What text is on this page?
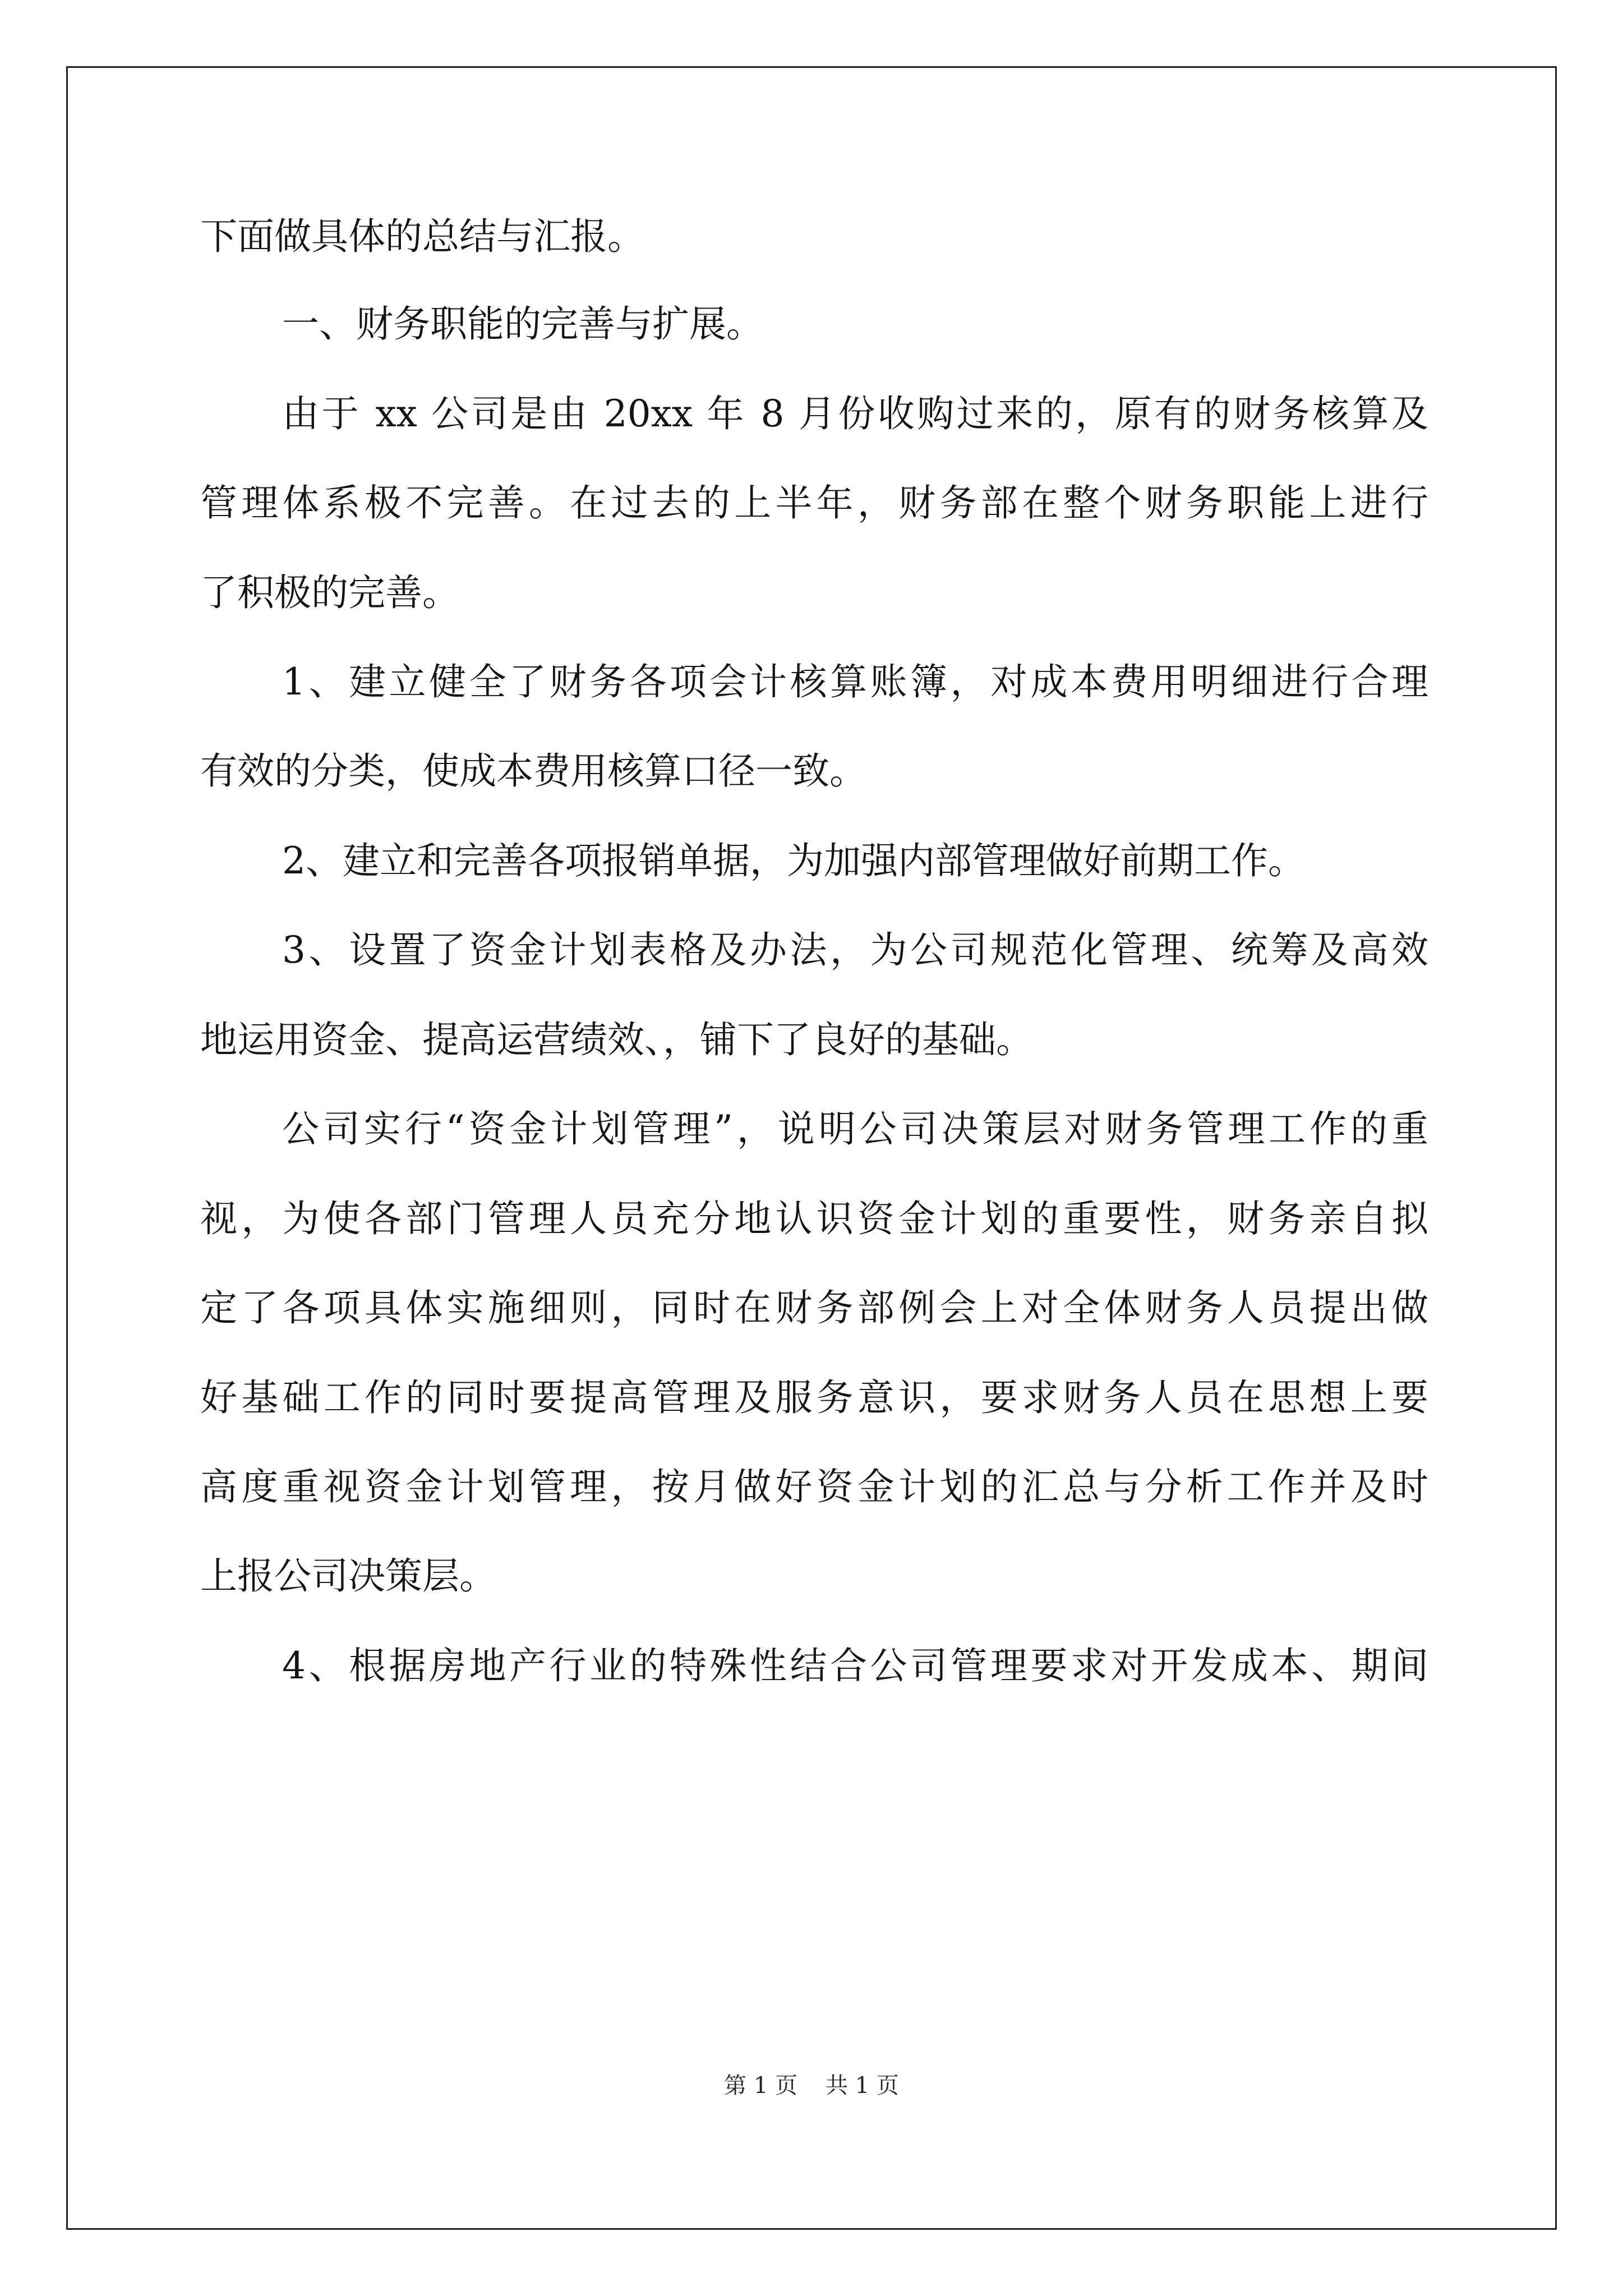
下面做具体的总结与汇报。

一、财务职能的完善与扩展。

由于 xx 公司是由 20xx 年 8 月份收购过来的，原有的财务核算及

管理体系极不完善。在过去的上半年，财务部在整个财务职能上进行

了积极的完善。

1、建立健全了财务各项会计核算账簿，对成本费用明细进行合理

有效的分类，使成本费用核算口径一致。

2、建立和完善各项报销单据，为加强内部管理做好前期工作。

3、设置了资金计划表格及办法，为公司规范化管理、统筹及高效

地运用资金、提高运营绩效、，铺下了良好的基础。

公司实行“资金计划管理”，说明公司决策层对财务管理工作的重

视，为使各部门管理人员充分地认识资金计划的重要性，财务亲自拟

定了各项具体实施细则，同时在财务部例会上对全体财务人员提出做

好基础工作的同时要提高管理及服务意识，要求财务人员在思想上要

高度重视资金计划管理，按月做好资金计划的汇总与分析工作并及时

上报公司决策层。

4、根据房地产行业的特殊性结合公司管理要求对开发成本、期间

第 1 页 共 1 页
